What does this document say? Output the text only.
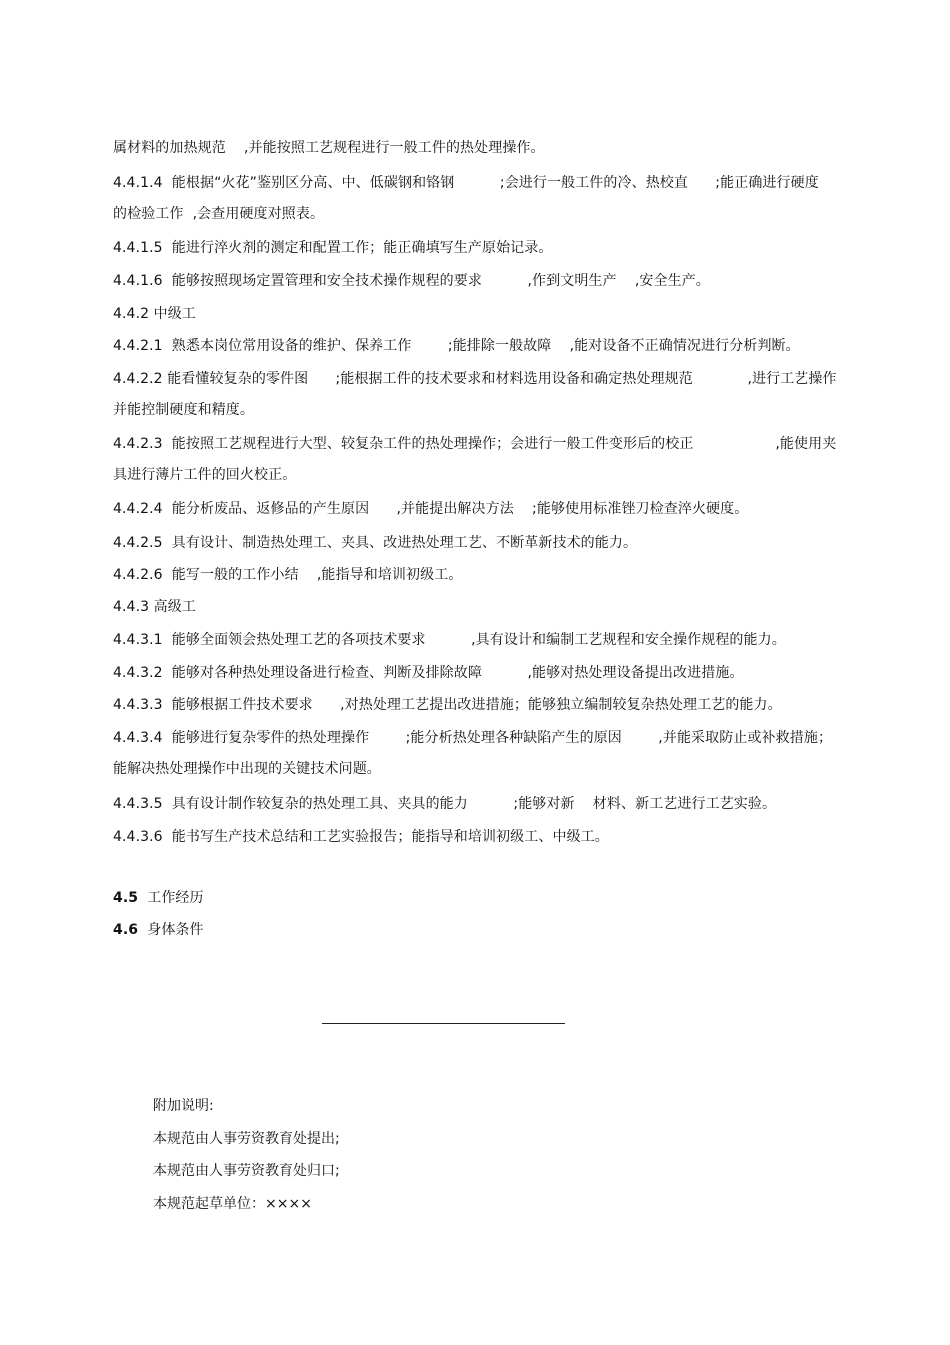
属材料的加热规范    ,并能按照工艺规程进行一般工件的热处理操作。
4.4.1.4  能根据“火花”鉴别区分高、中、低碳钢和铬钢          ;会进行一般工件的冷、热校直      ;能正确进行硬度
的检验工作  ,会查用硬度对照表。
4.4.1.5  能进行淬火剂的测定和配置工作；能正确填写生产原始记录。
4.4.1.6  能够按照现场定置管理和安全技术操作规程的要求          ,作到文明生产    ,安全生产。
4.4.2 中级工
4.4.2.1  熟悉本岗位常用设备的维护、保养工作        ;能排除一般故障    ,能对设备不正确情况进行分析判断。
4.4.2.2 能看懂较复杂的零件图      ;能根据工件的技术要求和材料选用设备和确定热处理规范            ,进行工艺操作
并能控制硬度和精度。
4.4.2.3  能按照工艺规程进行大型、较复杂工件的热处理操作；会进行一般工件变形后的校正                  ,能使用夹
具进行薄片工件的回火校正。
4.4.2.4  能分析废品、返修品的产生原因      ,并能提出解决方法    ;能够使用标准锉刀检查淬火硬度。
4.4.2.5  具有设计、制造热处理工、夹具、改进热处理工艺、不断革新技术的能力。
4.4.2.6  能写一般的工作小结    ,能指导和培训初级工。
4.4.3 高级工
4.4.3.1  能够全面领会热处理工艺的各项技术要求          ,具有设计和编制工艺规程和安全操作规程的能力。
4.4.3.2  能够对各种热处理设备进行检查、判断及排除故障          ,能够对热处理设备提出改进措施。
4.4.3.3  能够根据工件技术要求      ,对热处理工艺提出改进措施；能够独立编制较复杂热处理工艺的能力。
4.4.3.4  能够进行复杂零件的热处理操作        ;能分析热处理各种缺陷产生的原因        ,并能采取防止或补救措施；
能解决热处理操作中出现的关键技术问题。
4.4.3.5  具有设计制作较复杂的热处理工具、夹具的能力          ;能够对新    材料、新工艺进行工艺实验。
4.4.3.6  能书写生产技术总结和工艺实验报告；能指导和培训初级工、中级工。
4.5 工作经历
4.6 身体条件
附加说明:
本规范由人事劳资教育处提出;
本规范由人事劳资教育处归口;
本规范起草单位：××××
